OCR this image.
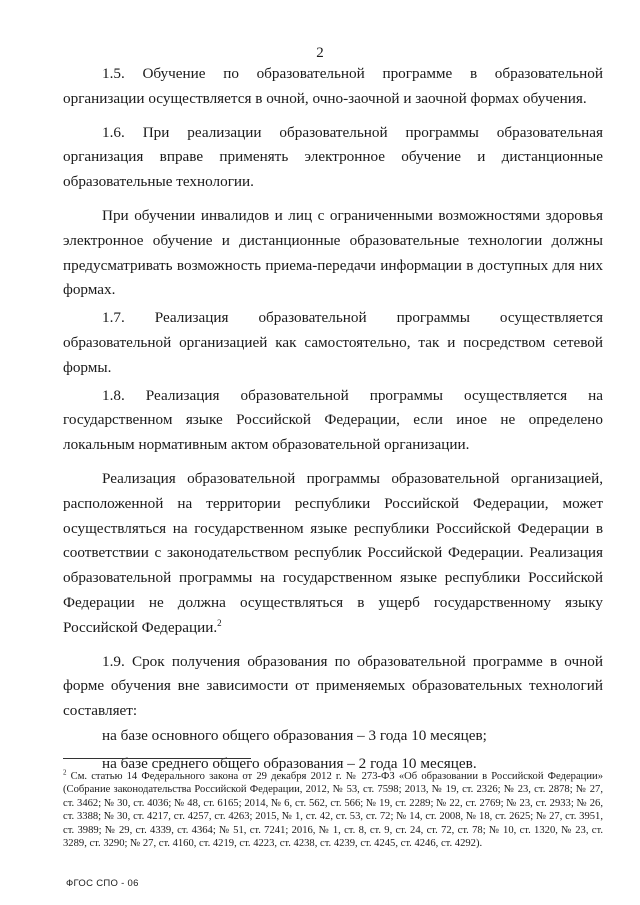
2

1.5. Обучение по образовательной программе в образовательной организации осуществляется в очной, очно-заочной и заочной формах обучения.

1.6. При реализации образовательной программы образовательная организация вправе применять электронное обучение и дистанционные образовательные технологии.

При обучении инвалидов и лиц с ограниченными возможностями здоровья электронное обучение и дистанционные образовательные технологии должны предусматривать возможность приема-передачи информации в доступных для них формах.

1.7. Реализация образовательной программы осуществляется образовательной организацией как самостоятельно, так и посредством сетевой формы.

1.8. Реализация образовательной программы осуществляется на государственном языке Российской Федерации, если иное не определено локальным нормативным актом образовательной организации.

Реализация образовательной программы образовательной организацией, расположенной на территории республики Российской Федерации, может осуществляться на государственном языке республики Российской Федерации в соответствии с законодательством республик Российской Федерации. Реализация образовательной программы на государственном языке республики Российской Федерации не должна осуществляться в ущерб государственному языку Российской Федерации.$^2$

1.9. Срок получения образования по образовательной программе в очной форме обучения вне зависимости от применяемых образовательных технологий составляет:

на базе основного общего образования – 3 года 10 месяцев;

на базе среднего общего образования – 2 года 10 месяцев.

$^2$ См. статью 14 Федерального закона от 29 декабря 2012 г. № 273-ФЗ «Об образовании в Российской Федерации» (Собрание законодательства Российской Федерации, 2012, № 53, ст. 7598; 2013, № 19, ст. 2326; № 23, ст. 2878; № 27, ст. 3462; № 30, ст. 4036; № 48, ст. 6165; 2014, № 6, ст. 562, ст. 566; № 19, ст. 2289; № 22, ст. 2769; № 23, ст. 2933; № 26, ст. 3388; № 30, ст. 4217, ст. 4257, ст. 4263; 2015, № 1, ст. 42, ст. 53, ст. 72; № 14, ст. 2008, № 18, ст. 2625; № 27, ст. 3951, ст. 3989; № 29, ст. 4339, ст. 4364; № 51, ст. 7241; 2016, № 1, ст. 8, ст. 9, ст. 24, ст. 72, ст. 78; № 10, ст. 1320, № 23, ст. 3289, ст. 3290; № 27, ст. 4160, ст. 4219, ст. 4223, ст. 4238, ст. 4239, ст. 4245, ст. 4246, ст. 4292).
ФГОС СПО - 06
